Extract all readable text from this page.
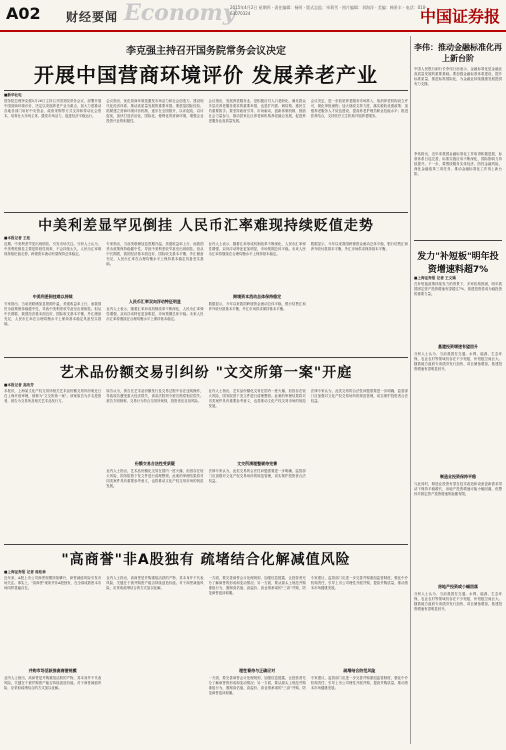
A02 财经要闻 Economy
2015年4月2日 星期四 · 责任编辑：杨明 · 版式总监：毕莉雪 · 图片编辑：刘海洋 · 美编：韩景丰 · 电话：010-63070324	中国证券报
李克强主持召开国务院常务会议决定
开展中国营商环境评价 发展养老产业
■新华社电
国务院总理李克强5月26日主持召开国务院常务会议，部署开展中国营商环境评价，决定以发展养老产业为重点，加大力度推动各地各部门用好中央资金、政府采购等方式支持和带动社会资本，培育壮大市场主体，激发市场活力，促进经济平稳运行。
会议指出，优化营商环境是激发市场活力和社会创造力、建设现代化经济体系、推动高质量发展的重要举措。要借鉴国际经验，抓紧建立营商环境评价机制，逐步在全国推开，以评促改、以评促优，加快打造法治化、国际化、便利化的营商环境，增强企业投资兴业的积极性。
会议指出，发展养老服务业，是积极应对人口老龄化、满足群众多层次养老服务需求的重要举措，也是扩内需、调结构、惠民生的重要抓手。要坚持政府引导、市场驱动，创新体制机制，鼓励社会力量参与，推动居家社区养老和机构养老融合发展，促进养老服务业高质量发展。
会议决定，进一步放宽养老服务市场准入，取消养老机构设立许可，简化审批流程；加大财政支持力度，落实税收优惠政策；加强养老服务人才队伍建设，提高养老护理员职业技能水平；推进医养结合，支持医疗卫生机构开展养老服务。
中美利差显罕见倒挂 人民币汇率难现持续贬值走势
■本报记者 王松
近期，中美利差罕见出现倒挂，引发市场关注。分析人士认为，中美利差倒挂主要是阶段性现象，不会持续太久，人民币汇率难现持续贬值走势，跨境资本流动有望保持总体稳定。
中美利差倒挂难以持续
专家指出，当前美联储加息预期升温，美债收益率上行，而我国货币政策保持稳健中性，导致中美利差收窄甚至出现倒挂。但从中长期看，我国经济基本面良好，国际收支基本平衡，外汇储备充足，人民币汇率在合理均衡水平上保持基本稳定具备坚实基础。
专家指出，当前美联储加息预期升温，美债收益率上行，而我国货币政策保持稳健中性，导致中美利差收窄甚至出现倒挂。但从中长期看，我国经济基本面良好，国际收支基本平衡，外汇储备充足，人民币汇率在合理均衡水平上保持基本稳定具备坚实基础。
人民币汇率双向浮动特征明显
业内人士表示，随着汇率形成机制改革不断深化，人民币汇率弹性增强，双向浮动特征更加明显，市场预期总体平稳。未来人民币汇率将继续在合理均衡水平上保持基本稳定。
业内人士表示，随着汇率形成机制改革不断深化，人民币汇率弹性增强，双向浮动特征更加明显，市场预期总体平稳。未来人民币汇率将继续在合理均衡水平上保持基本稳定。
跨境资本流动总体保持稳定
数据显示，今年以来我国跨境资金流动总体平稳，银行结售汇和涉外收付款基本平衡，外汇市场供求保持基本平衡。
数据显示，今年以来我国跨境资金流动总体平稳，银行结售汇和涉外收付款基本平衡，外汇市场供求保持基本平衡。
艺术品份额交易引纠纷 "文交所第一案"开庭
■本报记者 高改芳
本报讯，上海某文化产权交易所相关艺术品份额交易纠纷案近日在上海开庭审理，被称为"文交所第一案"。该案原告为多名投资者，被告为交易所及相关艺术品发行方。
原告认为，被告在艺术品份额发行及交易过程中存在违规操作，导致原告遭受重大经济损失，请求法院判令被告赔偿相应损失。被告方则辩称，交易行为符合交易所规则，投资者应自担风险。
份额交易合法性受质疑
业内人士指出，艺术品份额化交易在国内一度火爆，但因存在较大风险，国务院曾下发文件进行清理整顿。此案的审理结果将对同类案件具有重要参考意义，也将推动文化产权交易市场的规范发展。
业内人士指出，艺术品份额化交易在国内一度火爆，但因存在较大风险，国务院曾下发文件进行清理整顿。此案的审理结果将对同类案件具有重要参考意义，也将推动文化产权交易市场的规范发展。
文交所清理整顿待完善
法律专家认为，此类交易的合法性问题需要进一步明确，监管部门应加强对文化产权交易场所的规范管理，切实保护投资者合法权益。
法律专家认为，此类交易的合法性问题需要进一步明确，监管部门应加强对文化产权交易场所的规范管理，切实保护投资者合法权益。
"高商誉"非A股独有 疏堵结合化解减值风险
■上海证券报 记者 周松林
近年来，A股上市公司商誉规模持续攀升，商誉减值风险引发市场关注。事实上，"高商誉"现象并非A股独有，在全球成熟资本市场同样普遍存在。
并购市场活跃推高商誉规模
业内人士指出，高商誉是并购重组活跃的产物，其本身并不代表风险，关键在于被并购资产能否持续创造价值。对于商誉减值风险，应采取疏堵结合的方式加以化解。
业内人士指出，高商誉是并购重组活跃的产物，其本身并不代表风险，关键在于被并购资产能否持续创造价值。对于商誉减值风险，应采取疏堵结合的方式加以化解。
一方面，要完善商誉会计处理规则，加强信息披露，让投资者充分了解商誉的形成和变动情况；另一方面，要从源头上规范并购重组行为，遏制高估值、高溢价、高业绩承诺的"三高"并购，防范商誉泡沫积累。
理性看待与正确应对
一方面，要完善商誉会计处理规则，加强信息披露，让投资者充分了解商誉的形成和变动情况；另一方面，要从源头上规范并购重组行为，遏制高估值、高溢价、高业绩承诺的"三高"并购，防范商誉泡沫积累。
专家建议，监管部门应进一步完善并购重组监管制度，强化中介机构责任，引导上市公司理性开展并购，提高并购质量，推动资本市场健康发展。
疏堵结合防范风险
专家建议，监管部门应进一步完善并购重组监管制度，强化中介机构责任，引导上市公司理性开展并购，提高并购质量，推动资本市场健康发展。
李伟：推动金融标准化再上新台阶
中国人民银行副行长李伟日前表示，金融标准化是金融业高质量发展的重要基础。要加强金融标准体系建设，提升标准质量，推进标准国际化，为金融业持续健康发展提供有力支撑。
李伟指出，近年来我国金融标准化工作取得积极进展，标准体系日趋完善，标准实施应用不断深化，国际影响力持续提升。下一步，要围绕服务实体经济、防控金融风险、深化金融改革三项任务，推动金融标准化工作再上新台阶。
发力"补短板"明年投资增速料超7%
■上海证券报 记者 王文嫣
在补短板政策持续发力的背景下，多家机构预测，明年我国固定资产投资增速有望超过7%，基建投资将成为稳投资的重要力量。
基建投资增速有望回升
分析人士认为，当前我国在交通、水利、能源、生态环保、农业农村等领域仍存在不少短板，补短板空间巨大。随着地方政府专项债券发行加快、项目储备增加，基建投资增速有望明显回升。
制造业投资保持平稳
与此同时，制造业投资有望在技术改造和设备更新需求带动下保持平稳增长，房地产投资增速可能小幅回落，但整体对固定资产投资增速的拖累有限。
房地产投资或小幅回落
分析人士认为，当前我国在交通、水利、能源、生态环保、农业农村等领域仍存在不少短板，补短板空间巨大。随着地方政府专项债券发行加快、项目储备增加，基建投资增速有望明显回升。
